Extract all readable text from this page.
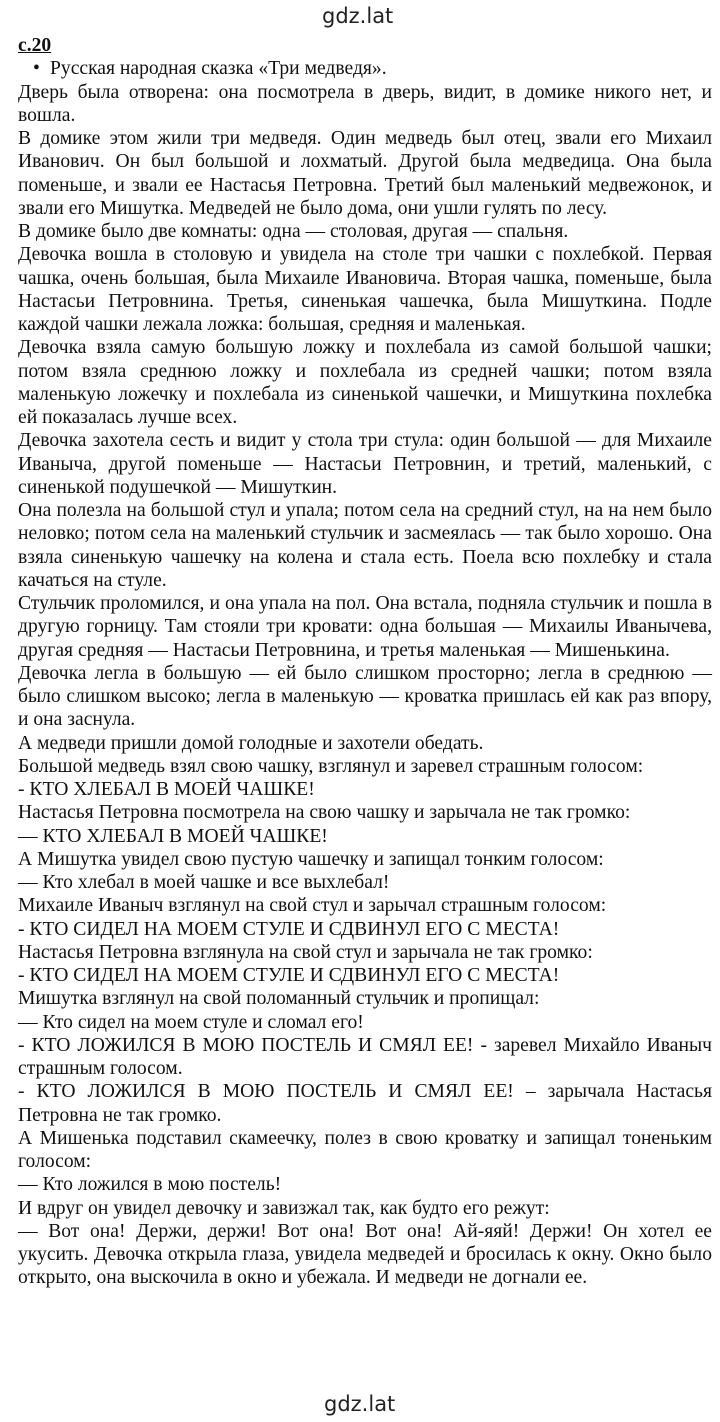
gdz.lat

с.20

• Русская народная сказка «Три медведя».

Дверь была отворена: она посмотрела в дверь, видит, в домике никого нет, и вошла.

В домике этом жили три медведя. Один медведь был отец, звали его Михаил Иванович. Он был большой и лохматый. Другой была медведица. Она была поменьше, и звали ее Настасья Петровна. Третий был маленький медвежонок, и звали его Мишутка. Медведей не было дома, они ушли гулять по лесу.

В домике было две комнаты: одна — столовая, другая — спальня.

Девочка вошла в столовую и увидела на столе три чашки с похлебкой. Первая чашка, очень большая, была Михаиле Ивановича. Вторая чашка, поменьше, была Настасьи Петровнина. Третья, синенькая чашечка, была Мишуткина. Подле каждой чашки лежала ложка: большая, средняя и маленькая.

Девочка взяла самую большую ложку и похлебала из самой большой чашки; потом взяла среднюю ложку и похлебала из средней чашки; потом взяла маленькую ложечку и похлебала из синенькой чашечки, и Мишуткина похлебка ей показалась лучше всех.

Девочка захотела сесть и видит у стола три стула: один большой — для Михаиле Иваныча, другой поменьше — Настасьи Петровнин, и третий, маленький, с синенькой подушечкой — Мишуткин.

Она полезла на большой стул и упала; потом села на средний стул, на на нем было неловко; потом села на маленький стульчик и засмеялась — так было хорошо. Она взяла синенькую чашечку на колена и стала есть. Поела всю похлебку и стала качаться на стуле.

Стульчик проломился, и она упала на пол. Она встала, подняла стульчик и пошла в другую горницу. Там стояли три кровати: одна большая — Михаилы Иванычева, другая средняя — Настасьи Петровнина, и третья маленькая — Мишенькина.

Девочка легла в большую — ей было слишком просторно; легла в среднюю — было слишком высоко; легла в маленькую — кроватка пришлась ей как раз впору, и она заснула.

А медведи пришли домой голодные и захотели обедать.

Большой медведь взял свою чашку, взглянул и заревел страшным голосом:

- КТО ХЛЕБАЛ В МОЕЙ ЧАШКЕ!

Настасья Петровна посмотрела на свою чашку и зарычала не так громко:

— КТО ХЛЕБАЛ В МОЕЙ ЧАШКЕ!

А Мишутка увидел свою пустую чашечку и запищал тонким голосом:

— Кто хлебал в моей чашке и все выхлебал!

Михаиле Иваныч взглянул на свой стул и зарычал страшным голосом:

- КТО СИДЕЛ НА МОЕМ СТУЛЕ И СДВИНУЛ ЕГО С МЕСТА!

Настасья Петровна взглянула на свой стул и зарычала не так громко:

- КТО СИДЕЛ НА МОЕМ СТУЛЕ И СДВИНУЛ ЕГО С МЕСТА!

Мишутка взглянул на свой поломанный стульчик и пропищал:

— Кто сидел на моем стуле и сломал его!

- КТО ЛОЖИЛСЯ В МОЮ ПОСТЕЛЬ И СМЯЛ ЕЕ! - заревел Михайло Иваныч страшным голосом.

- КТО ЛОЖИЛСЯ В МОЮ ПОСТЕЛЬ И СМЯЛ ЕЕ! – зарычала Настасья Петровна не так громко.

А Мишенька подставил скамеечку, полез в свою кроватку и запищал тоненьким голосом:

— Кто ложился в мою постель!

И вдруг он увидел девочку и завизжал так, как будто его режут:

— Вот она! Держи, держи! Вот она! Вот она! Ай-яяй! Держи! Он хотел ее укусить. Девочка открыла глаза, увидела медведей и бросилась к окну. Окно было открыто, она выскочила в окно и убежала. И медведи не догнали ее.

gdz.lat
